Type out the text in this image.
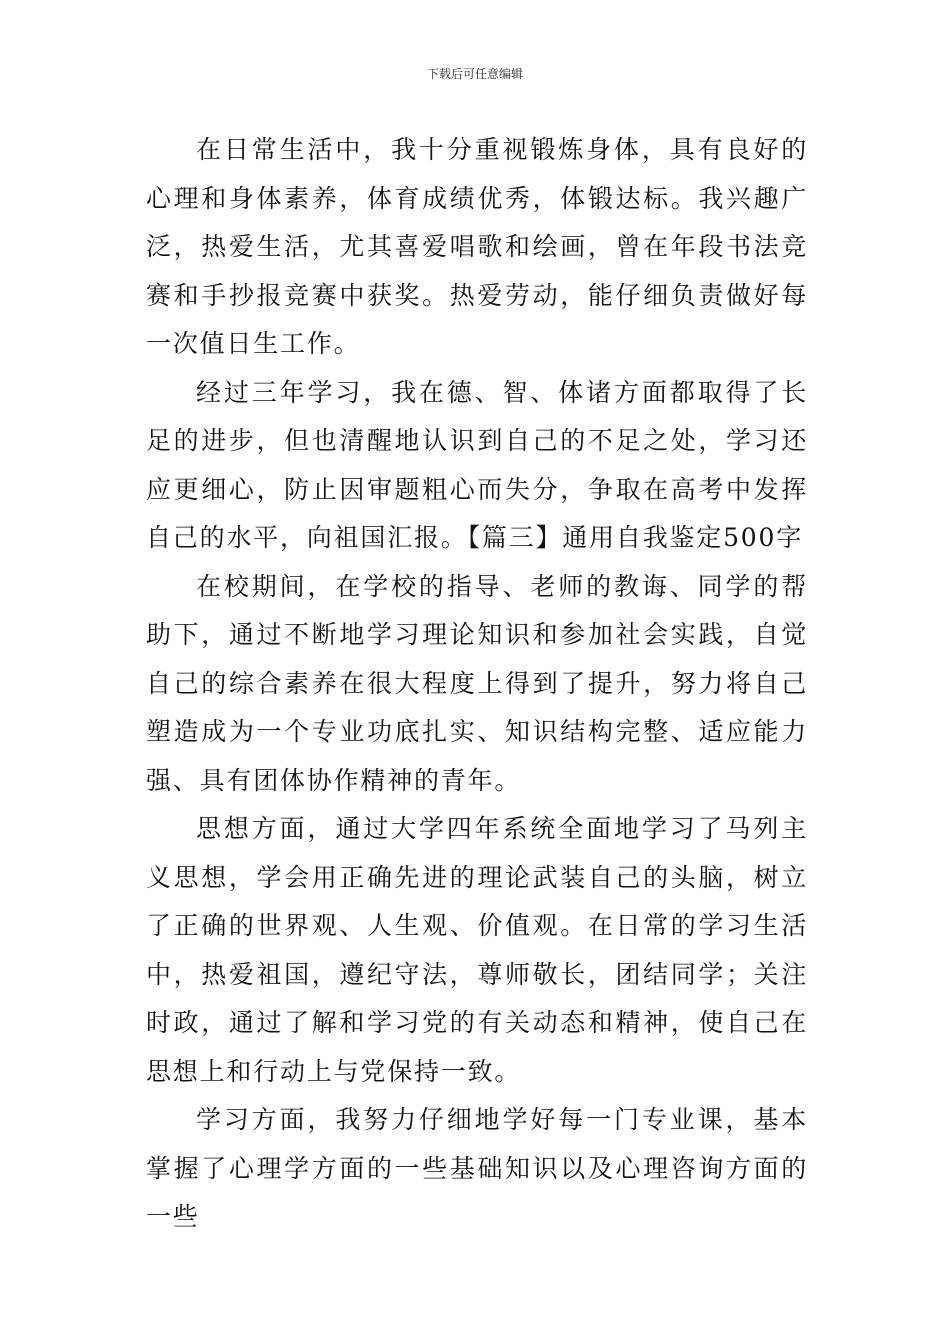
下载后可任意编辑

在日常生活中，我十分重视锻炼身体，具有良好的心理和身体素养，体育成绩优秀，体锻达标。我兴趣广泛，热爱生活，尤其喜爱唱歌和绘画，曾在年段书法竞赛和手抄报竞赛中获奖。热爱劳动，能仔细负责做好每一次值日生工作。

经过三年学习，我在德、智、体诸方面都取得了长足的进步，但也清醒地认识到自己的不足之处，学习还应更细心，防止因审题粗心而失分，争取在高考中发挥自己的水平，向祖国汇报。【篇三】通用自我鉴定500字

在校期间，在学校的指导、老师的教诲、同学的帮助下，通过不断地学习理论知识和参加社会实践，自觉自己的综合素养在很大程度上得到了提升，努力将自己塑造成为一个专业功底扎实、知识结构完整、适应能力强、具有团体协作精神的青年。

思想方面，通过大学四年系统全面地学习了马列主义思想，学会用正确先进的理论武装自己的头脑，树立了正确的世界观、人生观、价值观。在日常的学习生活中，热爱祖国，遵纪守法，尊师敬长，团结同学；关注时政，通过了解和学习党的有关动态和精神，使自己在思想上和行动上与党保持一致。

学习方面，我努力仔细地学好每一门专业课，基本掌握了心理学方面的一些基础知识以及心理咨询方面的一些
